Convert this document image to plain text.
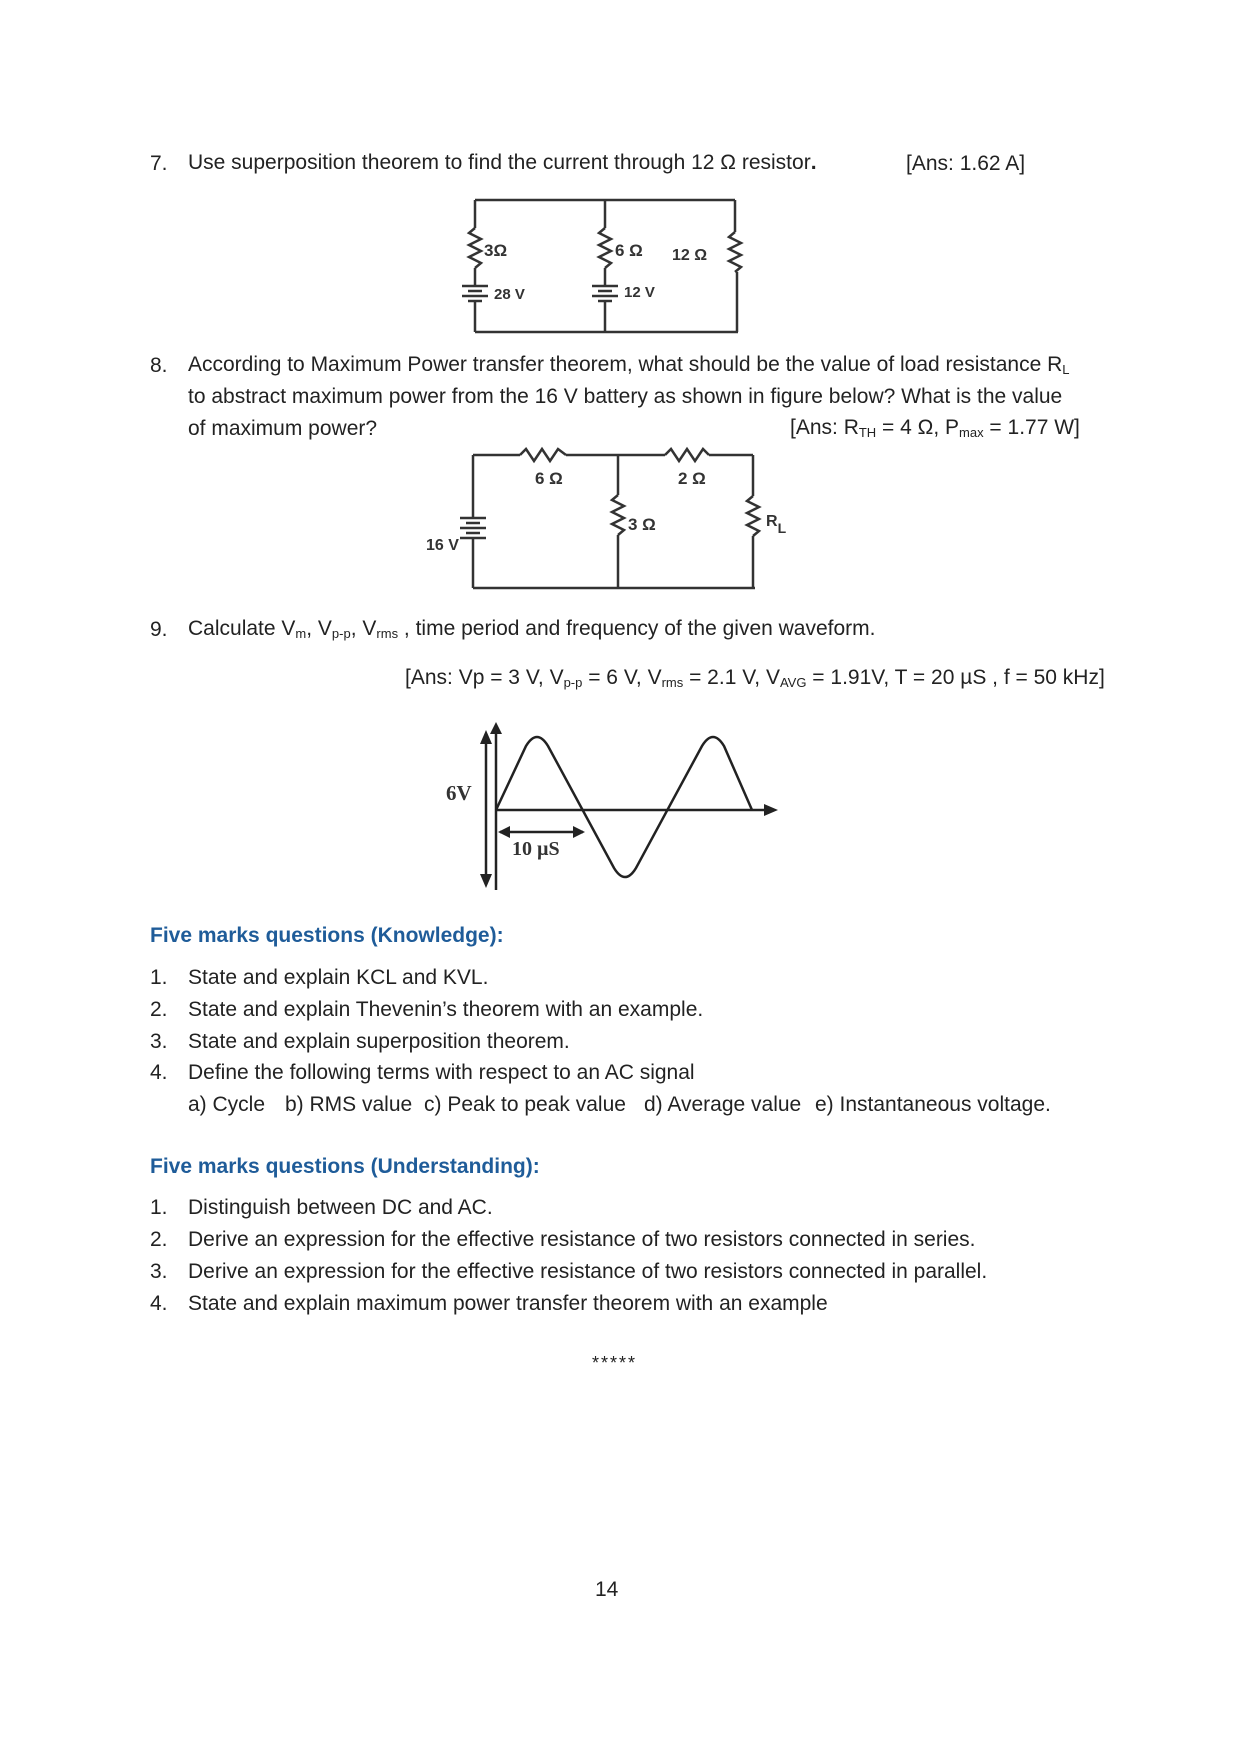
7. Use superposition theorem to find the current through 12 Ω resistor.	[Ans: 1.62 A]
3Ω	6 Ω 12 Ω
28 V	12 V
8. According to Maximum Power transfer theorem, what should be the value of load resistance $R_L$
to abstract maximum power from the 16 V battery as shown in figure below? What is the value
of maximum power?	[Ans: $R_{TH} = 4$ Ω, $P_{max} = 1.77$ W]
6 Ω	2 Ω
3 Ω	RL
16 V
9. Calculate $V_m$, $V_{p-p}$, $V_{rms}$ , time period and frequency of the given waveform.
[Ans: Vp = 3 V, $V_{p-p} = 6$ V, $V_{rms} = 2.1$ V, $V_{AVG} = 1.91V$, T = 20 µS , f = 50 kHz]
6V
10 µS
Five marks questions (Knowledge):
1. State and explain KCL and KVL.
2. State and explain Thevenin’s theorem with an example.
3. State and explain superposition theorem.
4. Define the following terms with respect to an AC signal
a) Cycle b) RMS value c) Peak to peak value d) Average value e) Instantaneous voltage.
Five marks questions (Understanding):
1. Distinguish between DC and AC.
2. Derive an expression for the effective resistance of two resistors connected in series.
3. Derive an expression for the effective resistance of two resistors connected in parallel.
4. State and explain maximum power transfer theorem with an example
*****
14
